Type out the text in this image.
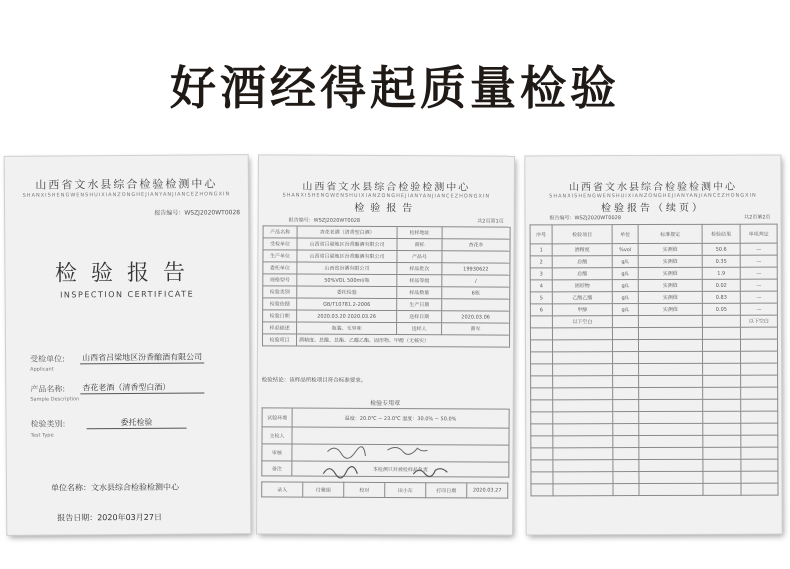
好酒经得起质量检验
山西省文水县综合检验检测中心
SHANXISHENGWENSHUIXIANZONGHEJIANYANJIANCEZHONGXIN
报告编号：WSZJ2020WT0028
检验报告
INSPECTION CERTIFICATE
受检单位: 山西省吕梁地区汾香酿酒有限公司
Applicant
产品名称: 杏花老酒（清香型白酒）
Sample Description
检验类别:	委托检验
Test Type
单位名称：文水县综合检验检测中心
报告日期：2020年03月27日
山西省文水县综合检验检测中心
SHANXISHENGWENSHUIXIANZONGHEJIANYANJIANCEZHONGXIN
检验报告
报告编号：WSZJ2020WT0028	共2页第1页
产品名称	杏花老酒（清香型白酒）	检样地址	
受检单位	山西省吕梁地区汾香酿酒有限公司	商标	杏花乡
生产单位	山西省吕梁地区汾香酿酒有限公司	产品号	
委托单位	山西省汾酒有限公司	样品批次	19930622
规格型号	50%VOL 500ml/瓶	样品等级	/
检验类别	委托检验	样品数量	6瓶
检验依据	GB/T10781.2-2006	生产日期	
检验日期	2020.03.20 2020.03.26	送样日期	2020.03.06
样品描述	瓶装、无异味	送样人	曹军
检验项目	酒精度、总酸、总酯、乙酸乙酯、固形物、甲醇（无核实）		
检验结论：该样品所检项目符合标准要求。
检验专用章
试验环境	温度：20.0℃ ~ 23.0℃ 湿度：30.0% ~ 50.0%
主检人	
审核	
备注	本检测只对被检样品负责
录入	付雅娟	校对	田小东	打印日期	2020.03.27
山西省文水县综合检验检测中心
SHANXISHENGWENSHUIXIANZONGHEJIANYANJIANCEZHONGXIN
检验报告（续页）
报告编号：WSZJ2020WT0028	共2页第2页
序号	检验项目	单位	标准规定	检验结果	单项判定
1	酒精度	%vol	实测值	50.6	—
2	总酸	g/L	实测值	0.35	—
3	总酯	g/L	实测值	1.9	—
4	固形物	g/L	实测值	0.02	—
5	乙酸乙酯	g/L	实测值	0.83	—
6	甲醇	g/L	实测值	0.05	—
	以下空白				以下空白
